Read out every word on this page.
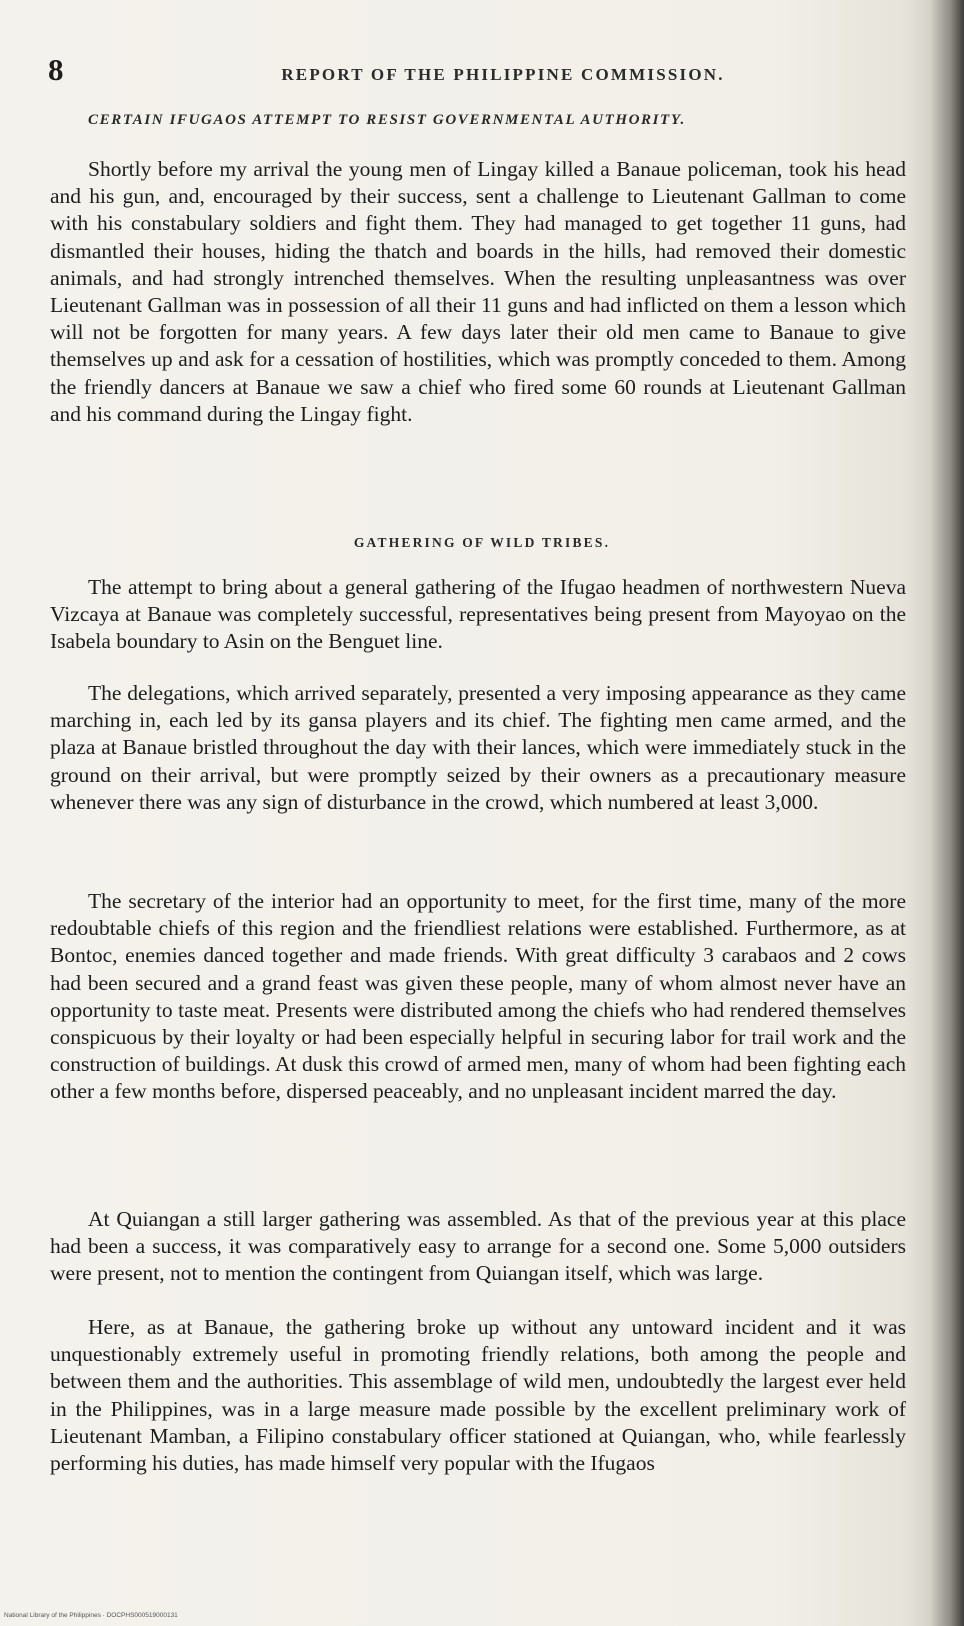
8	REPORT OF THE PHILIPPINE COMMISSION.
CERTAIN IFUGAOS ATTEMPT TO RESIST GOVERNMENTAL AUTHORITY.

Shortly before my arrival the young men of Lingay killed a Banaue policeman, took his head and his gun, and, encouraged by their success, sent a challenge to Lieutenant Gallman to come with his constabulary soldiers and fight them. They had managed to get together 11 guns, had dismantled their houses, hiding the thatch and boards in the hills, had removed their domestic animals, and had strongly intrenched themselves. When the resulting unpleasantness was over Lieutenant Gallman was in possession of all their 11 guns and had inflicted on them a lesson which will not be forgotten for many years. A few days later their old men came to Banaue to give themselves up and ask for a cessation of hostilities, which was promptly conceded to them. Among the friendly dancers at Banaue we saw a chief who fired some 60 rounds at Lieutenant Gallman and his command during the Lingay fight.

GATHERING OF WILD TRIBES.

The attempt to bring about a general gathering of the Ifugao headmen of northwestern Nueva Vizcaya at Banaue was completely successful, representatives being present from Mayoyao on the Isabela boundary to Asin on the Benguet line.

The delegations, which arrived separately, presented a very imposing appearance as they came marching in, each led by its gansa players and its chief. The fighting men came armed, and the plaza at Banaue bristled throughout the day with their lances, which were immediately stuck in the ground on their arrival, but were promptly seized by their owners as a precautionary measure whenever there was any sign of disturbance in the crowd, which numbered at least 3,000.

The secretary of the interior had an opportunity to meet, for the first time, many of the more redoubtable chiefs of this region and the friendliest relations were established. Furthermore, as at Bontoc, enemies danced together and made friends. With great difficulty 3 carabaos and 2 cows had been secured and a grand feast was given these people, many of whom almost never have an opportunity to taste meat. Presents were distributed among the chiefs who had rendered themselves conspicuous by their loyalty or had been especially helpful in securing labor for trail work and the construction of buildings. At dusk this crowd of armed men, many of whom had been fighting each other a few months before, dispersed peaceably, and no unpleasant incident marred the day.

At Quiangan a still larger gathering was assembled. As that of the previous year at this place had been a success, it was comparatively easy to arrange for a second one. Some 5,000 outsiders were present, not to mention the contingent from Quiangan itself, which was large.

Here, as at Banaue, the gathering broke up without any untoward incident and it was unquestionably extremely useful in promoting friendly relations, both among the people and between them and the authorities. This assemblage of wild men, undoubtedly the largest ever held in the Philippines, was in a large measure made possible by the excellent preliminary work of Lieutenant Mamban, a Filipino constabulary officer stationed at Quiangan, who, while fearlessly performing his duties, has made himself very popular with the Ifugaos

National Library of the Philippines · DOCPHS000519000131
